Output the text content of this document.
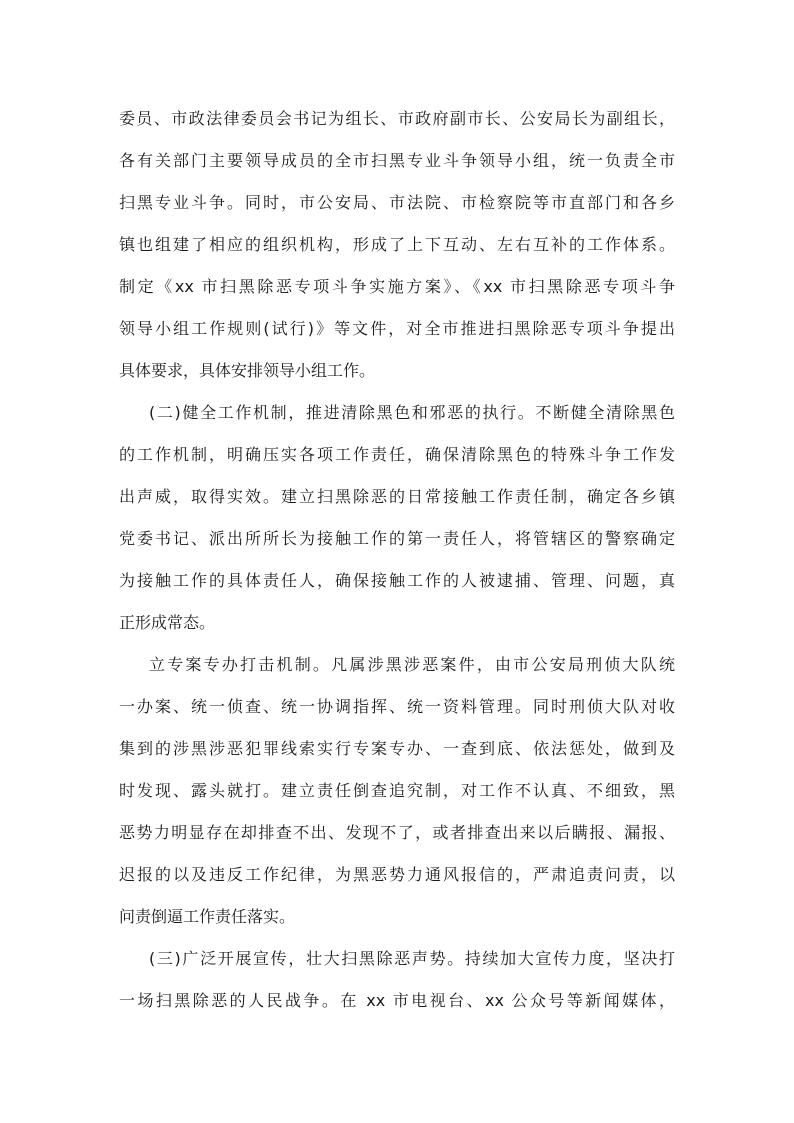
委员、市政法律委员会书记为组长、市政府副市长、公安局长为副组长，
各有关部门主要领导成员的全市扫黑专业斗争领导小组，统一负责全市
扫黑专业斗争。同时，市公安局、市法院、市检察院等市直部门和各乡
镇也组建了相应的组织机构，形成了上下互动、左右互补的工作体系。
制定《xx 市扫黑除恶专项斗争实施方案》、《xx 市扫黑除恶专项斗争
领导小组工作规则(试行)》等文件，对全市推进扫黑除恶专项斗争提出
具体要求，具体安排领导小组工作。
(二)健全工作机制，推进清除黑色和邪恶的执行。不断健全清除黑色
的工作机制，明确压实各项工作责任，确保清除黑色的特殊斗争工作发
出声威，取得实效。建立扫黑除恶的日常接触工作责任制，确定各乡镇
党委书记、派出所所长为接触工作的第一责任人，将管辖区的警察确定
为接触工作的具体责任人，确保接触工作的人被逮捕、管理、问题，真
正形成常态。
立专案专办打击机制。凡属涉黑涉恶案件，由市公安局刑侦大队统
一办案、统一侦查、统一协调指挥、统一资料管理。同时刑侦大队对收
集到的涉黑涉恶犯罪线索实行专案专办、一查到底、依法惩处，做到及
时发现、露头就打。建立责任倒查追究制，对工作不认真、不细致，黑
恶势力明显存在却排查不出、发现不了，或者排查出来以后瞒报、漏报、
迟报的以及违反工作纪律，为黑恶势力通风报信的，严肃追责问责，以
问责倒逼工作责任落实。
(三)广泛开展宣传，壮大扫黑除恶声势。持续加大宣传力度，坚决打
一场扫黑除恶的人民战争。在 xx 市电视台、xx 公众号等新闻媒体，
